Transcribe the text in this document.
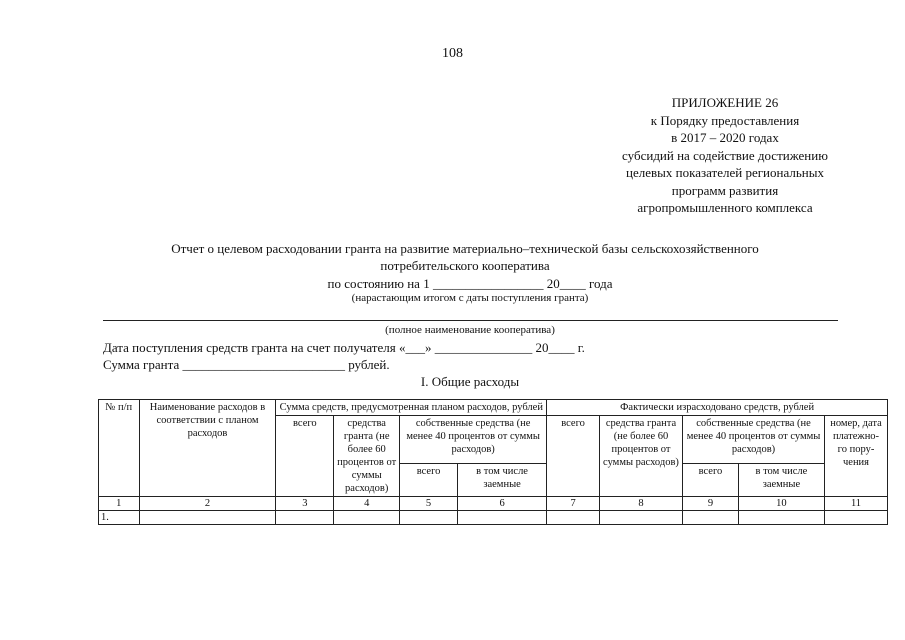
108
ПРИЛОЖЕНИЕ 26
к Порядку предоставления
в 2017 – 2020 годах
субсидий на содействие достижению
целевых показателей региональных
программ развития
агропромышленного комплекса
Отчет о целевом расходовании гранта на развитие материально–технической базы сельскохозяйственного
потребительского кооператива
по состоянию на 1 _________________ 20____ года
(нарастающим итогом с даты поступления гранта)
(полное наименование кооператива)
Дата поступления средств гранта на счет получателя «___» _______________ 20____ г.
Сумма гранта _________________________ рублей.
I. Общие расходы
№ п/п	Наименование расходов в соответствии с планом расходов	Сумма средств, предусмотренная планом расходов, рублей				Фактически израсходовано средств, рублей				
		всего	средства гранта (не более 60 процентов от суммы расходов)	собственные средства (не менее 40 процентов от суммы расходов)		всего	средства гранта (не более 60 процентов от суммы расходов)	собственные средства (не менее 40 процентов от суммы расходов)		номер, дата платежно- го пору- чения
				всего	в том числе заемные			всего	в том числе заемные	
1	2	3	4	5	6	7	8	9	10	11
1.										
